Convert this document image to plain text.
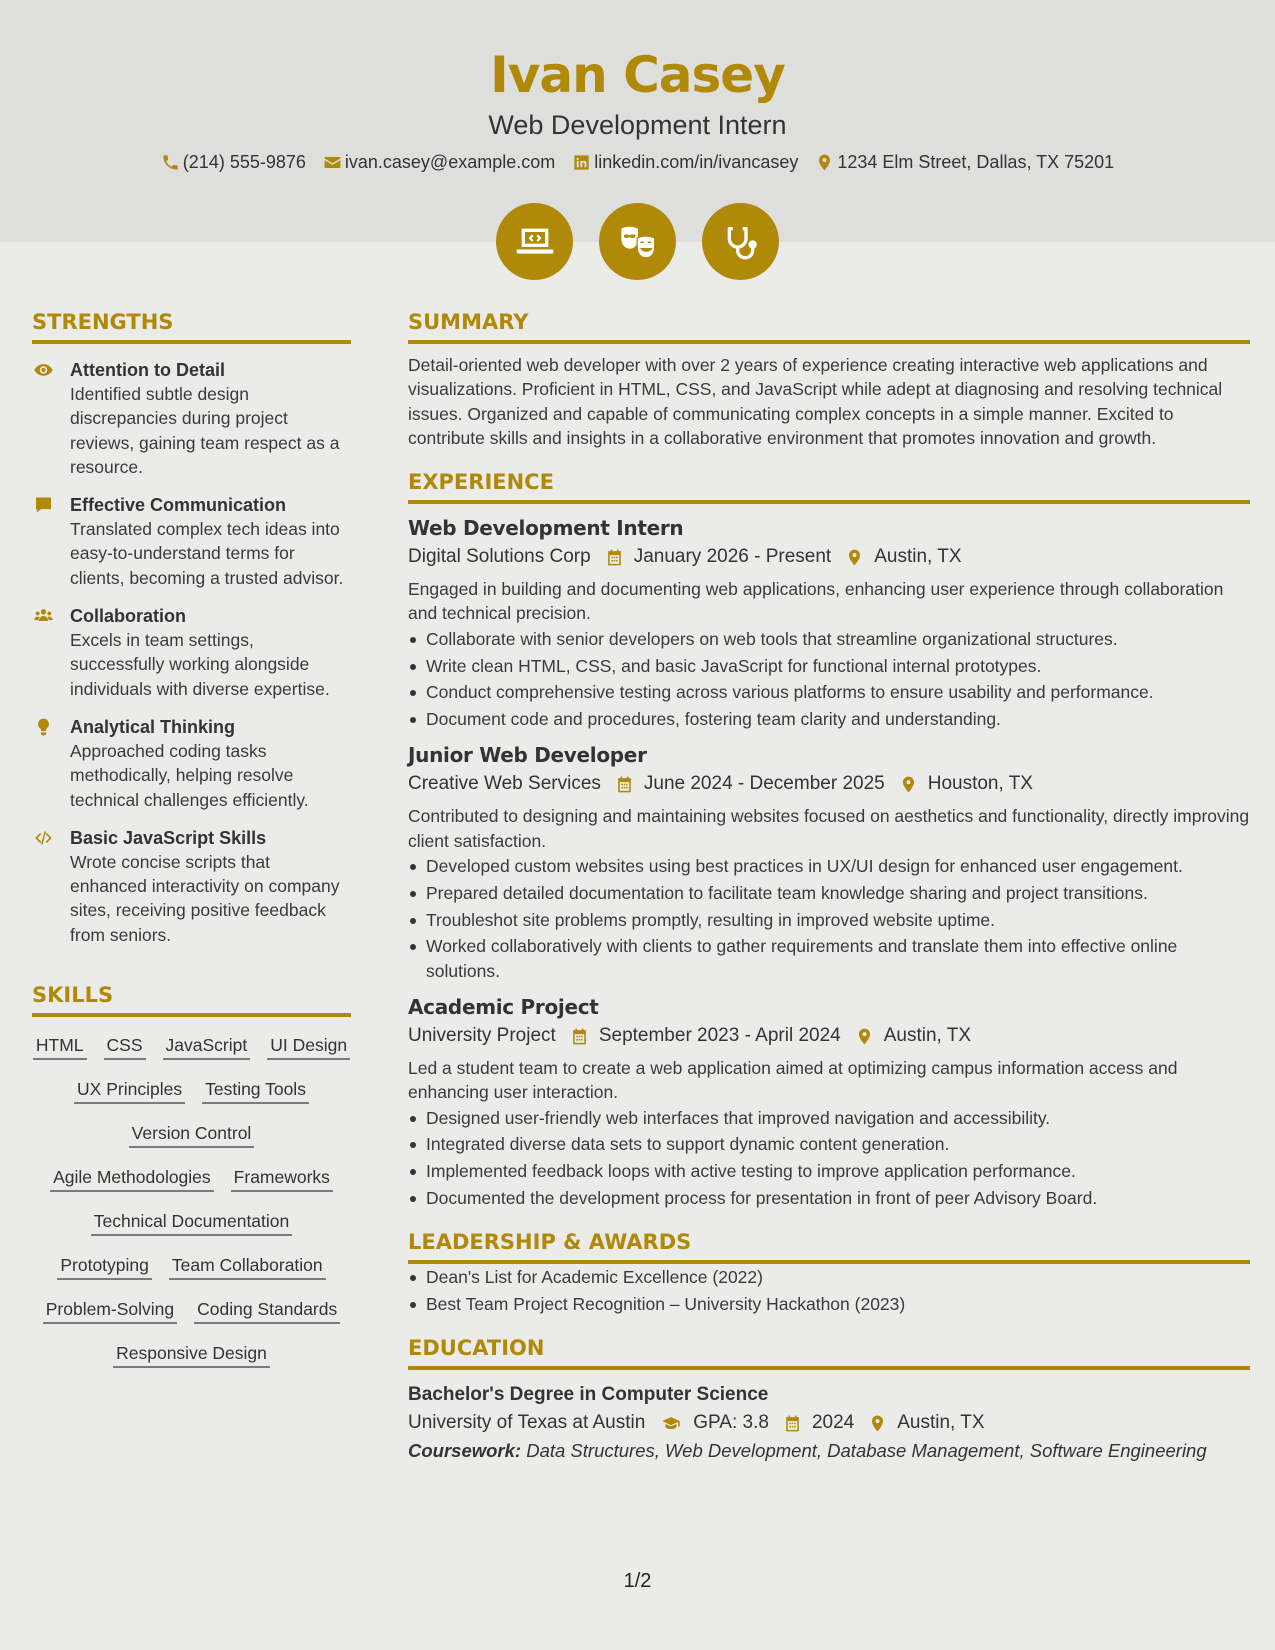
Ivan Casey
Web Development Intern
(214) 555-9876 ivan.casey@example.com linkedin.com/in/ivancasey 1234 Elm Street, Dallas, TX 75201
STRENGTHS
Attention to Detail
Identified subtle design discrepancies during project reviews, gaining team respect as a resource.
Effective Communication
Translated complex tech ideas into easy-to-understand terms for clients, becoming a trusted advisor.
Collaboration
Excels in team settings, successfully working alongside individuals with diverse expertise.
Analytical Thinking
Approached coding tasks methodically, helping resolve technical challenges efficiently.
Basic JavaScript Skills
Wrote concise scripts that enhanced interactivity on company sites, receiving positive feedback from seniors.
SKILLS
HTML CSS JavaScript UI Design
UX Principles Testing Tools
Version Control
Agile Methodologies Frameworks
Technical Documentation
Prototyping Team Collaboration
Problem-Solving Coding Standards
Responsive Design
SUMMARY
Detail-oriented web developer with over 2 years of experience creating interactive web applications and visualizations. Proficient in HTML, CSS, and JavaScript while adept at diagnosing and resolving technical issues. Organized and capable of communicating complex concepts in a simple manner. Excited to contribute skills and insights in a collaborative environment that promotes innovation and growth.
EXPERIENCE
Web Development Intern
Digital Solutions Corp January 2026 - Present Austin, TX
Engaged in building and documenting web applications, enhancing user experience through collaboration and technical precision.
Collaborate with senior developers on web tools that streamline organizational structures.
Write clean HTML, CSS, and basic JavaScript for functional internal prototypes.
Conduct comprehensive testing across various platforms to ensure usability and performance.
Document code and procedures, fostering team clarity and understanding.
Junior Web Developer
Creative Web Services June 2024 - December 2025 Houston, TX
Contributed to designing and maintaining websites focused on aesthetics and functionality, directly improving client satisfaction.
Developed custom websites using best practices in UX/UI design for enhanced user engagement.
Prepared detailed documentation to facilitate team knowledge sharing and project transitions.
Troubleshot site problems promptly, resulting in improved website uptime.
Worked collaboratively with clients to gather requirements and translate them into effective online solutions.
Academic Project
University Project September 2023 - April 2024 Austin, TX
Led a student team to create a web application aimed at optimizing campus information access and enhancing user interaction.
Designed user-friendly web interfaces that improved navigation and accessibility.
Integrated diverse data sets to support dynamic content generation.
Implemented feedback loops with active testing to improve application performance.
Documented the development process for presentation in front of peer Advisory Board.
LEADERSHIP & AWARDS
Dean's List for Academic Excellence (2022)
Best Team Project Recognition – University Hackathon (2023)
EDUCATION
Bachelor's Degree in Computer Science
University of Texas at Austin	GPA: 3.8 2024 Austin, TX
Coursework: Data Structures, Web Development, Database Management, Software Engineering
1/2
